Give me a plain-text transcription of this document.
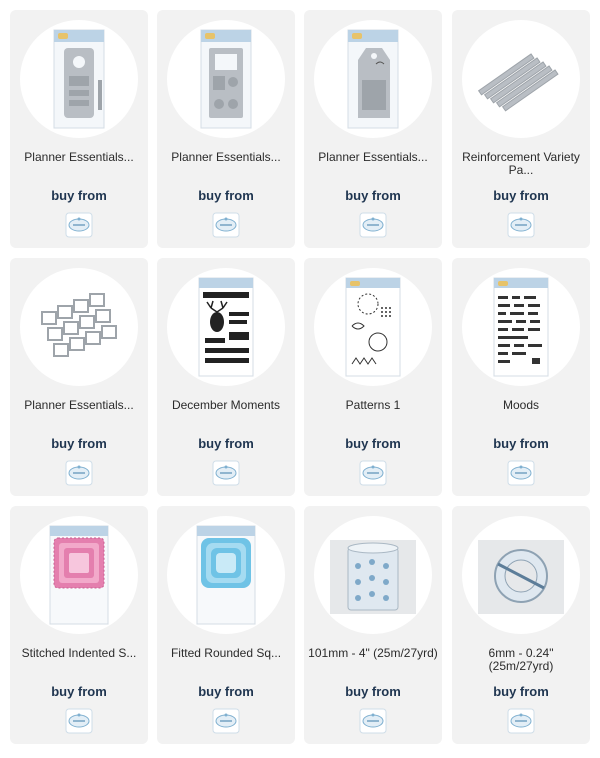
Planner Essentials...
buy from
Planner Essentials...
buy from
Planner Essentials...
buy from
Reinforcement Variety Pa...
buy from
Planner Essentials...
buy from
December Moments
buy from
Patterns 1
buy from
Moods
buy from
Stitched Indented S...
buy from
Fitted Rounded Sq...
buy from
101mm - 4" (25m/27yrd)
buy from
6mm - 0.24" (25m/27yrd)
buy from
